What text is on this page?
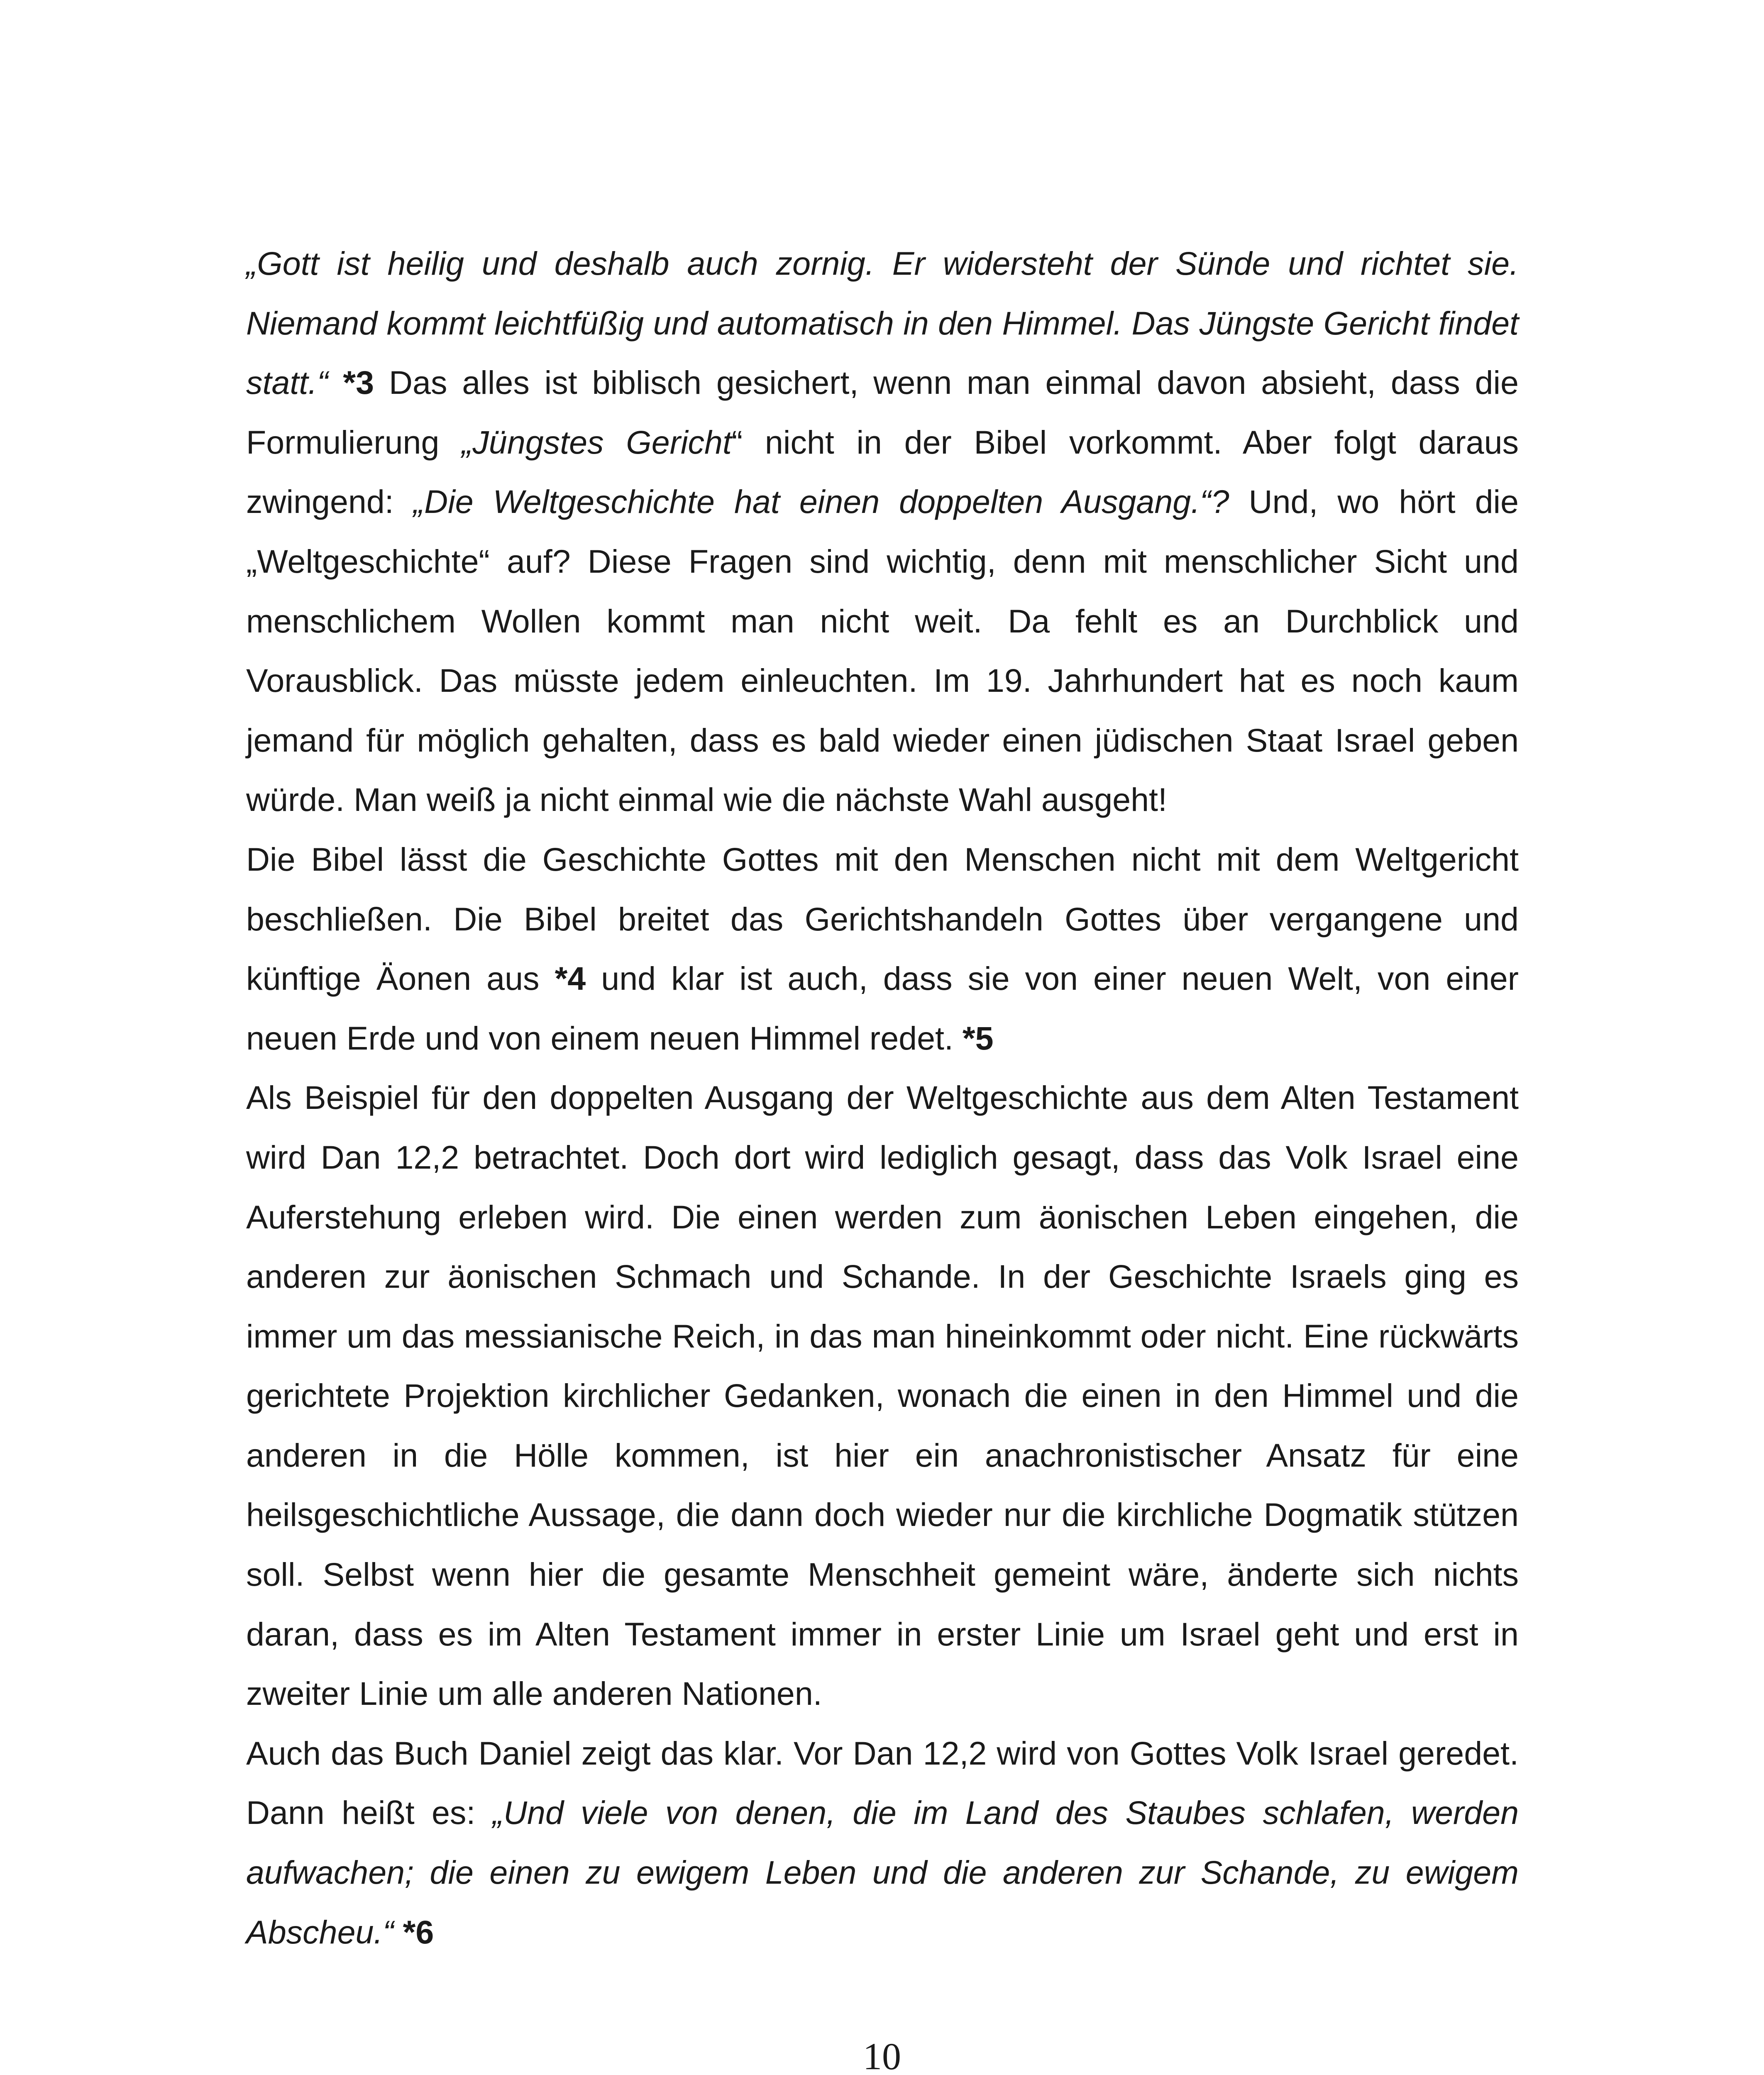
„Gott ist heilig und deshalb auch zornig. Er widersteht der Sünde und richtet sie. Niemand kommt leichtfüßig und automatisch in den Himmel. Das Jüngste Gericht findet statt.“ *3 Das alles ist biblisch gesichert, wenn man einmal davon absieht, dass die Formulierung „Jüngstes Gericht“ nicht in der Bibel vorkommt. Aber folgt daraus zwingend: „Die Weltgeschichte hat einen doppelten Ausgang.“? Und, wo hört die „Weltgeschichte“ auf? Diese Fragen sind wichtig, denn mit menschlicher Sicht und menschlichem Wollen kommt man nicht weit. Da fehlt es an Durchblick und Vorausblick. Das müsste jedem einleuchten. Im 19. Jahrhundert hat es noch kaum jemand für möglich gehalten, dass es bald wieder einen jüdischen Staat Israel geben würde. Man weiß ja nicht einmal wie die nächste Wahl ausgeht!

Die Bibel lässt die Geschichte Gottes mit den Menschen nicht mit dem Weltgericht beschließen. Die Bibel breitet das Gerichtshandeln Gottes über vergangene und künftige Äonen aus *4 und klar ist auch, dass sie von einer neuen Welt, von einer neuen Erde und von einem neuen Himmel redet. *5

Als Beispiel für den doppelten Ausgang der Weltgeschichte aus dem Alten Testament wird Dan 12,2 betrachtet. Doch dort wird lediglich gesagt, dass das Volk Israel eine Auferstehung erleben wird. Die einen werden zum äonischen Leben eingehen, die anderen zur äonischen Schmach und Schande. In der Geschichte Israels ging es immer um das messianische Reich, in das man hineinkommt oder nicht. Eine rückwärts gerichtete Projektion kirchlicher Gedanken, wonach die einen in den Himmel und die anderen in die Hölle kommen, ist hier ein anachronistischer Ansatz für eine heilsgeschichtliche Aussage, die dann doch wieder nur die kirchliche Dogmatik stützen soll. Selbst wenn hier die gesamte Menschheit gemeint wäre, änderte sich nichts daran, dass es im Alten Testament immer in erster Linie um Israel geht und erst in zweiter Linie um alle anderen Nationen.

Auch das Buch Daniel zeigt das klar. Vor Dan 12,2 wird von Gottes Volk Israel geredet. Dann heißt es: „Und viele von denen, die im Land des Staubes schlafen, werden aufwachen; die einen zu ewigem Leben und die anderen zur Schande, zu ewigem Abscheu.“ *6

10
